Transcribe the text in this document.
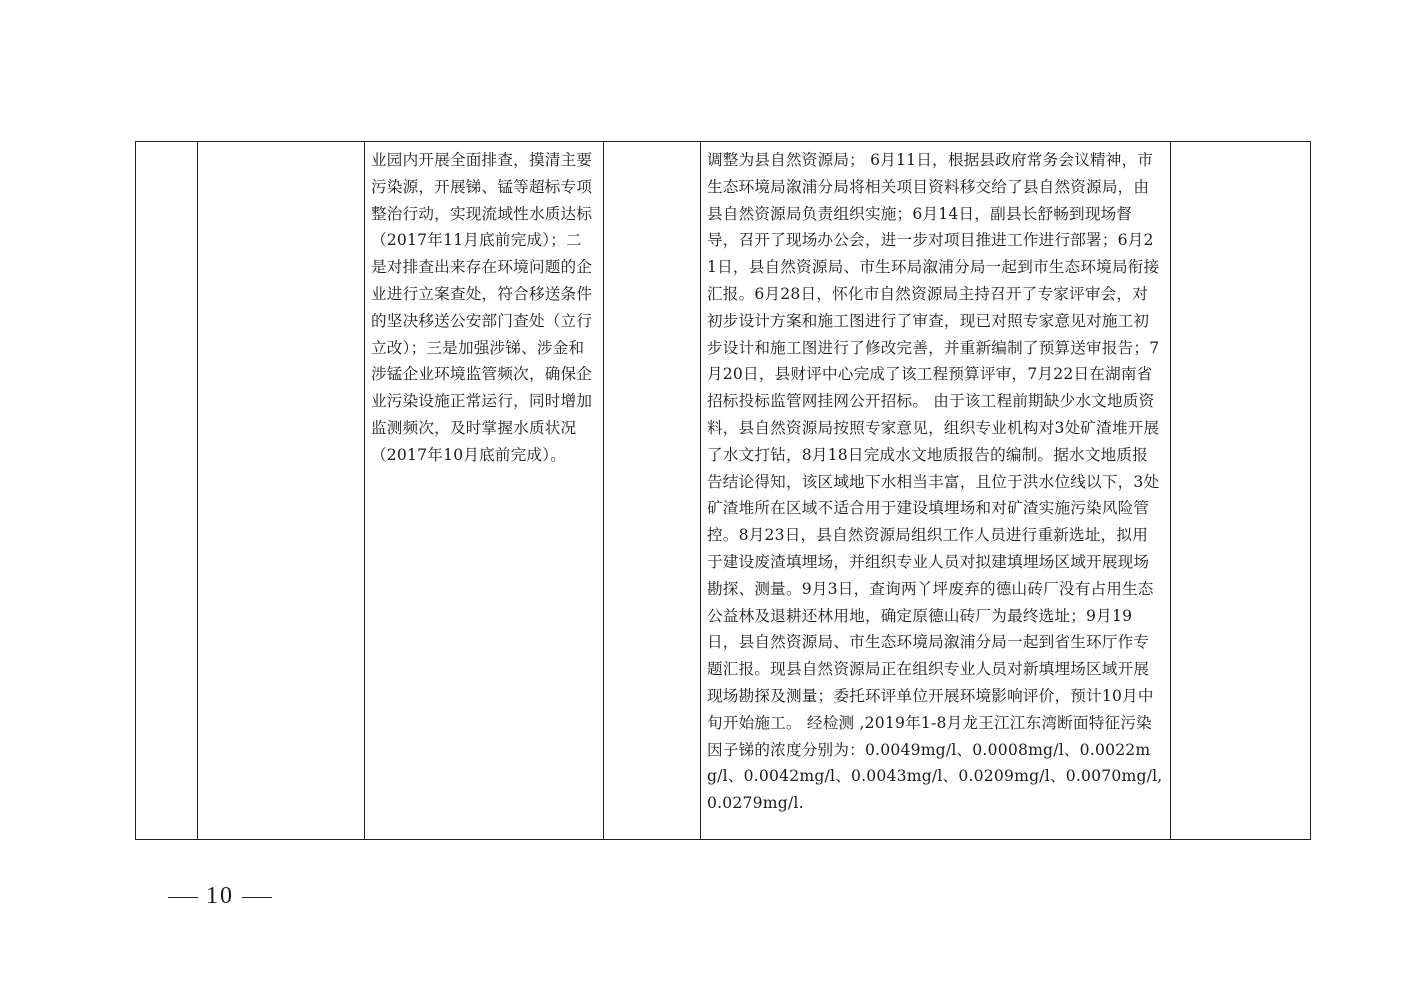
业园内开展全面排查，摸清主要污染源，开展锑、锰等超标专项整治行动，实现流域性水质达标（2017年11月底前完成）；二是对排查出来存在环境问题的企业进行立案查处，符合移送条件的坚决移送公安部门查处（立行立改）；三是加强涉锑、涉金和涉锰企业环境监管频次，确保企业污染设施正常运行，同时增加监测频次，及时掌握水质状况（2017年10月底前完成）。

调整为县自然资源局； 6月11日，根据县政府常务会议精神，市生态环境局溆浦分局将相关项目资料移交给了县自然资源局，由县自然资源局负责组织实施；6月14日，副县长舒畅到现场督导，召开了现场办公会，进一步对项目推进工作进行部署；6月21日，县自然资源局、市生环局溆浦分局一起到市生态环境局衔接汇报。6月28日，怀化市自然资源局主持召开了专家评审会，对初步设计方案和施工图进行了审查，现已对照专家意见对施工初步设计和施工图进行了修改完善，并重新编制了预算送审报告；7月20日，县财评中心完成了该工程预算评审，7月22日在湖南省招标投标监管网挂网公开招标。 由于该工程前期缺少水文地质资料，县自然资源局按照专家意见，组织专业机构对3处矿渣堆开展了水文打钻，8月18日完成水文地质报告的编制。据水文地质报告结论得知，该区域地下水相当丰富，且位于洪水位线以下，3处矿渣堆所在区域不适合用于建设填埋场和对矿渣实施污染风险管控。8月23日，县自然资源局组织工作人员进行重新选址，拟用于建设废渣填埋场，并组织专业人员对拟建填埋场区域开展现场勘探、测量。9月3日，查询两丫坪废弃的德山砖厂没有占用生态公益林及退耕还林用地，确定原德山砖厂为最终选址；9月19日，县自然资源局、市生态环境局溆浦分局一起到省生环厅作专题汇报。现县自然资源局正在组织专业人员对新填埋场区域开展现场勘探及测量；委托环评单位开展环境影响评价，预计10月中旬开始施工。 经检测 ,2019年1-8月龙王江江东湾断面特征污染因子锑的浓度分别为：0.0049mg/l、0.0008mg/l、0.0022mg/l、0.0042mg/l、0.0043mg/l、0.0209mg/l、0.0070mg/l,0.0279mg/l.

10
